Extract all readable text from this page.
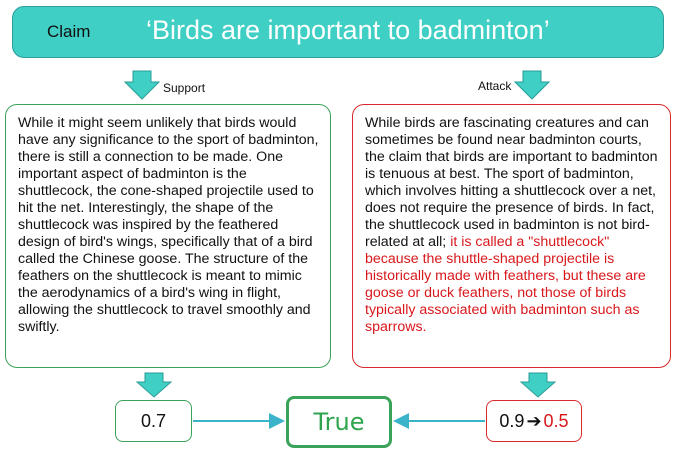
Claim ‘Birds are important to badminton’
Support	Attack

While it might seem unlikely that birds would have any significance to the sport of badminton, there is still a connection to be made. One important aspect of badminton is the shuttlecock, the cone-shaped projectile used to hit the net. Interestingly, the shape of the shuttlecock was inspired by the feathered design of bird's wings, specifically that of a bird called the Chinese goose. The structure of the feathers on the shuttlecock is meant to mimic the aerodynamics of a bird's wing in flight, allowing the shuttlecock to travel smoothly and swiftly.

While birds are fascinating creatures and can sometimes be found near badminton courts, the claim that birds are important to badminton is tenuous at best. The sport of badminton, which involves hitting a shuttlecock over a net, does not require the presence of birds. In fact, the shuttlecock used in badminton is not bird-related at all; it is called a "shuttlecock" because the shuttle-shaped projectile is historically made with feathers, but these are goose or duck feathers, not those of birds typically associated with badminton such as sparrows.

0.7	True	0.9 ➔ 0.5
